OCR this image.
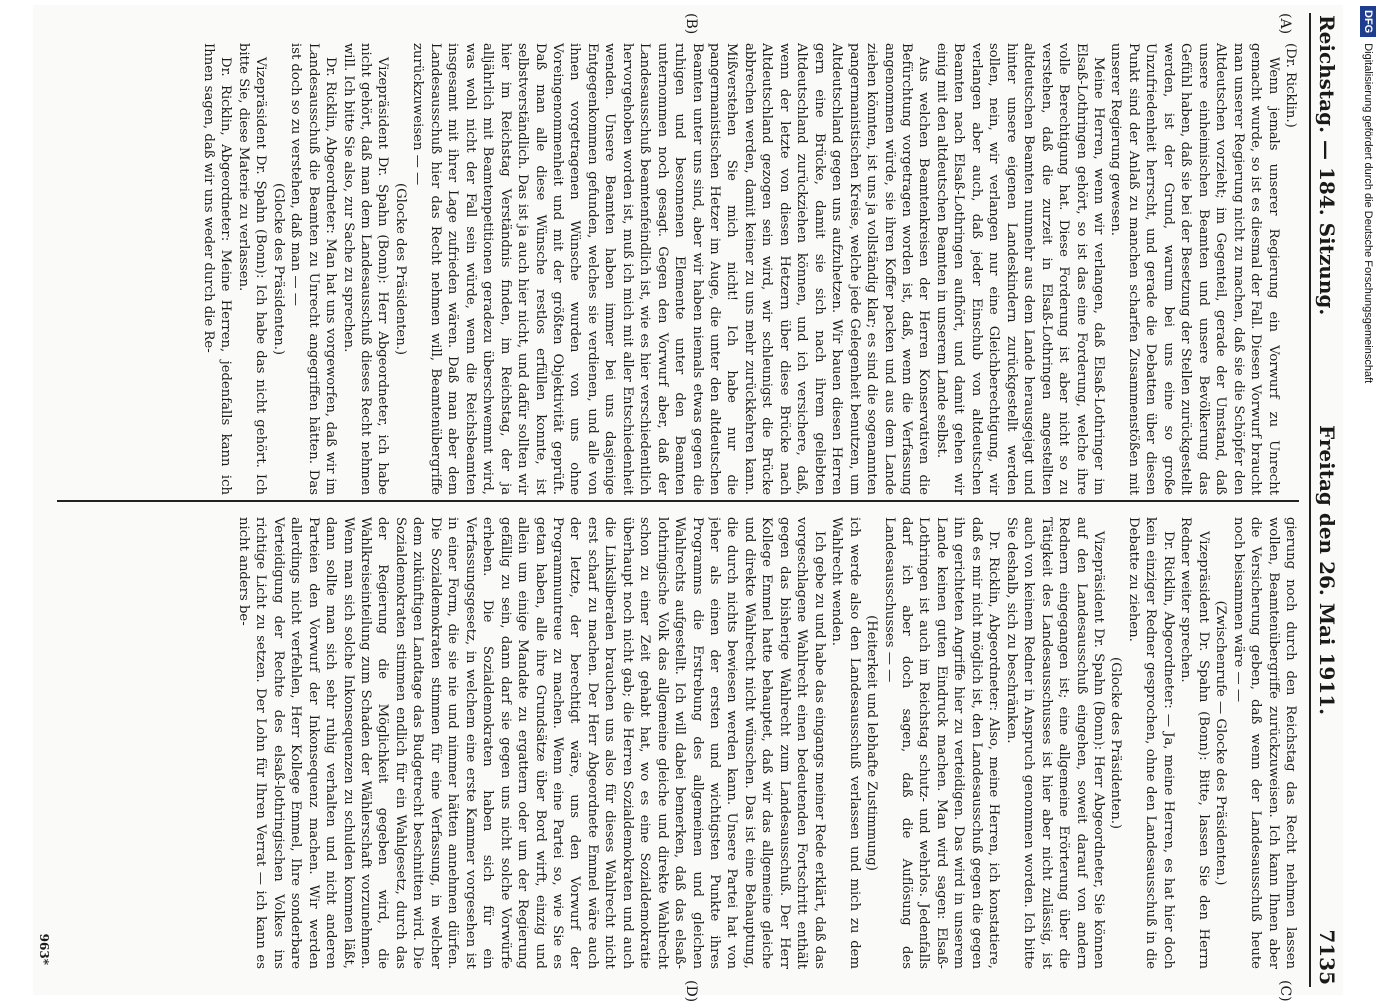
Reichstag. — 184. Sitzung.
Freitag den 26. Mai 1911.
7135
(A)
(B)
(C)
(D)

(Dr. Ricklin.)

Wenn jemals unserer Regierung ein Vorwurf zu Unrecht gemacht wurde, so ist es diesmal der Fall. Diesen Vorwurf braucht man unserer Regierung nicht zu machen, daß sie die Schöpfer den Altdeutschen vorzieht; im Gegenteil, gerade der Umstand, daß unsere einheimischen Beamten und unsere Bevölkerung das Gefühl haben, daß sie bei der Besetzung der Stellen zurückgestellt werden, ist der Grund, warum bei uns eine so große Unzufriedenheit herrscht, und gerade die Debatten über diesen Punkt sind der Anlaß zu manchen scharfen Zusammenstößen mit unserer Regierung gewesen.

Meine Herren, wenn wir verlangen, daß Elsaß-Lothringer im Elsaß-Lothringen gehört, so ist das eine Forderung, welche ihre volle Berechtigung hat. Diese Forderung ist aber nicht so zu verstehen, daß die zurzeit in Elsaß-Lothringen angestellten altdeutschen Beamten nunmehr aus dem Lande herausgejagt und hinter unsere eigenen Landeskindern zurückgestellt werden sollen, nein, wir verlangen nur eine Gleichberechtigung, wir verlangen aber auch, daß jeder Einschub von altdeutschen Beamten nach Elsaß-Lothringen aufhört, und damit gehen wir einig mit den altdeutschen Beamten in unserem Lande selbst.

Aus welchen Beamtenkreisen der Herren Konservativen die Befürchtung vorgetragen worden ist, daß, wenn die Verfassung angenommen würde, sie ihren Koffer packen und aus dem Lande ziehen könnten, ist uns ja vollständig klar; es sind die sogenannten pangermanistischen Kreise, welche jede Gelegenheit benutzen, um Altdeutschland gegen uns aufzuhetzen. Wir bauen diesen Herren gern eine Brücke, damit sie sich nach ihrem geliebten Altdeutschland zurückziehen können, und ich versichere, daß, wenn der letzte von diesen Hetzern über diese Brücke nach Altdeutschland gezogen sein wird, wir schleunigst die Brücke abbrechen werden, damit keiner zu uns mehr zurückkehren kann. Mißverstehen Sie mich nicht! Ich habe nur die pangermanistischen Hetzer im Auge, die unter den altdeutschen Beamten unter uns sind, aber wir haben niemals etwas gegen die ruhigen und besonnenen Elemente unter den Beamten unternommen noch gesagt. Gegen den Vorwurf aber, daß der Landesausschuß beamtenfeindlich ist, wie es hier verschiedentlich hervorgehoben worden ist, muß ich mich mit aller Entschiedenheit wenden. Unsere Beamten haben immer bei uns dasjenige Entgegenkommen gefunden, welches sie verdienen, und alle von ihnen vorgetragenen Wünsche wurden von uns ohne Voreingenommenheit und mit der größten Objektivität geprüft. Daß man alle diese Wünsche restlos erfüllen konnte, ist selbstverständlich. Das ist ja auch hier nicht, und dafür sollten wir hier im Reichstag Verständnis finden, im Reichstag, der ja alljährlich mit Beamtenpetitionen geradezu überschwemmt wird, was wohl nicht der Fall sein würde, wenn die Reichsbeamten insgesamt mit ihrer Lage zufrieden wären. Daß man aber dem Landesausschuß hier das Recht nehmen will, Beamtenübergriffe zurückzuweisen — —

(Glocke des Präsidenten.)

Vizepräsident Dr. Spahn (Bonn): Herr Abgeordneter, ich habe nicht gehört, daß man dem Landesausschuß dieses Recht nehmen will. Ich bitte Sie also, zur Sache zu sprechen.

Dr. Ricklin, Abgeordneter: Man hat uns vorgeworfen, daß wir im Landesausschuß die Beamten zu Unrecht angegriffen hätten. Das ist doch so zu verstehen, daß man — —

(Glocke des Präsidenten.)

Vizepräsident Dr. Spahn (Bonn): Ich habe das nicht gehört. Ich bitte Sie, diese Materie zu verlassen.

Dr. Ricklin, Abgeordneter: Meine Herren, jedenfalls kann ich Ihnen sagen, daß wir uns weder durch die Re-

gierung noch durch den Reichstag das Recht nehmen lassen wollen, Beamtenübergriffe zurückzuweisen. Ich kann Ihnen aber die Versicherung geben, daß wenn der Landesausschuß heute noch beisammen wäre — —

(Zwischenrufe — Glocke des Präsidenten.)

Vizepräsident Dr. Spahn (Bonn): Bitte, lassen Sie den Herrn Redner weiter sprechen.

Dr. Ricklin, Abgeordneter: — Ja, meine Herren, es hat hier doch kein einziger Redner gesprochen, ohne den Landesausschuß in die Debatte zu ziehen.

(Glocke des Präsidenten.)

Vizepräsident Dr. Spahn (Bonn): Herr Abgeordneter, Sie können auf den Landesausschuß eingehen, soweit darauf von andern Rednern eingegangen ist; eine allgemeine Erörterung über die Tätigkeit des Landesausschusses ist hier aber nicht zulässig, ist auch von keinem Redner in Anspruch genommen worden. Ich bitte Sie deshalb, sich zu beschränken.

Dr. Ricklin, Abgeordneter: Also, meine Herren, ich konstatiere, daß es mir nicht möglich ist, den Landesausschuß gegen die gegen ihn gerichteten Angriffe hier zu verteidigen. Das wird in unserem Lande keinen guten Eindruck machen. Man wird sagen: Elsaß-Lothringen ist auch im Reichstag schutz- und wehrlos. Jedenfalls darf ich aber doch sagen, daß die Auflösung des Landesausschusses — —

(Heiterkeit und lebhafte Zustimmung)

ich werde also den Landesausschuß verlassen und mich zu dem Wahlrecht wenden.

Ich gebe zu und habe das eingangs meiner Rede erklärt, daß das vorgeschlagene Wahlrecht einen bedeutenden Fortschritt enthält gegen das bisherige Wahlrecht zum Landesausschuß. Der Herr Kollege Emmel hatte behauptet, daß wir das allgemeine gleiche und direkte Wahlrecht nicht wünschen. Das ist eine Behauptung, die durch nichts bewiesen werden kann. Unsere Partei hat von jeher als einen der ersten und wichtigsten Punkte ihres Programms die Erstrebung des allgemeinen und gleichen Wahlrechts aufgestellt. Ich will dabei bemerken, daß das elsaß-lothringische Volk das allgemeine gleiche und direkte Wahlrecht schon zu einer Zeit gehabt hat, wo es eine Sozialdemokratie überhaupt noch nicht gab; die Herren Sozialdemokraten und auch die Linksliberalen brauchen uns also für dieses Wahlrecht nicht erst scharf zu machen. Der Herr Abgeordnete Emmel wäre auch der letzte, der berechtigt wäre, uns den Vorwurf der Programmuntreue zu machen. Wenn eine Partei so, wie Sie es getan haben, alle ihre Grundsätze über Bord wirft, einzig und allein um einige Mandate zu ergattern oder um der Regierung gefällig zu sein, dann darf sie gegen uns nicht solche Vorwürfe erheben. Die Sozialdemokraten haben sich für ein Verfassungsgesetz, in welchem eine erste Kammer vorgesehen ist in einer Form, die sie nie und nimmer hätten annehmen dürfen. Die Sozialdemokraten stimmen für eine Verfassung, in welcher dem zukünftigen Landtage das Budgetrecht beschnitten wird. Die Sozialdemokraten stimmen endlich für ein Wahlgesetz, durch das der Regierung die Möglichkeit gegeben wird, die Wahlkreiseinteilung zum Schaden der Wählerschaft vorzunehmen. Wenn man sich solche Inkonsequenzen zu schulden kommen läßt, dann sollte man sich sehr ruhig verhalten und nicht anderen Parteien den Vorwurf der Inkonsequenz machen. Wir werden allerdings nicht verfehlen, Herr Kollege Emmel, Ihre sonderbare Verteidigung der Rechte des elsaß-lothringischen Volkes ins richtige Licht zu setzen. Der Lohn für Ihren Verrat — ich kann es nicht anders be-

963*
DFGDigitalisierung gefördert durch die Deutsche Forschungsgemeinschaft
